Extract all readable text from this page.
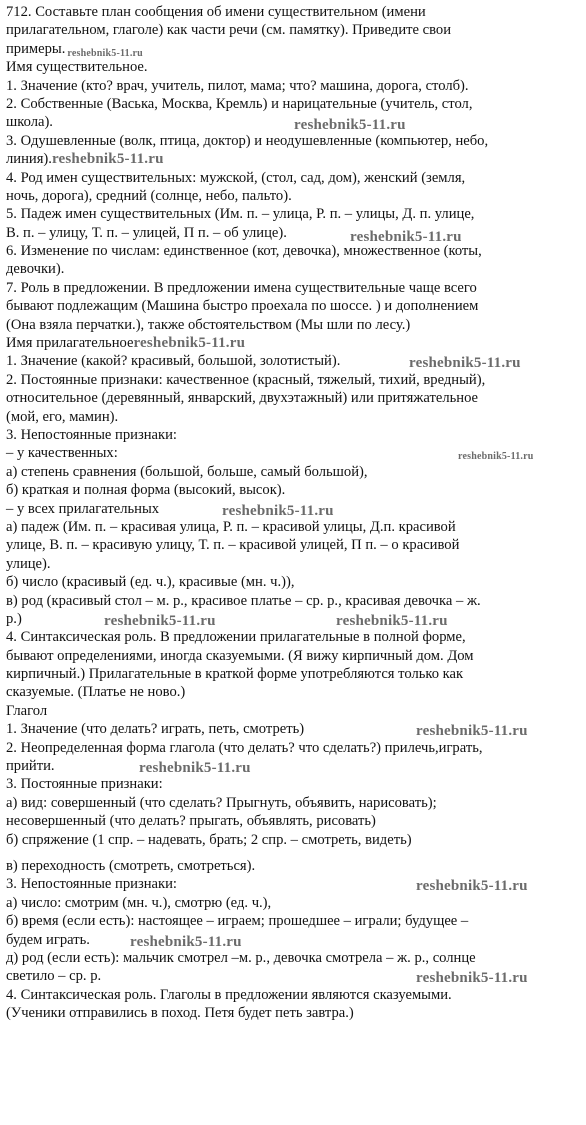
712. Составьте план сообщения об имени существительном (имени
прилагательном, глаголе) как части речи (см. памятку). Приведите свои
примеры. reshebnik5-11.ru
Имя существительное.
1. Значение (кто? врач, учитель, пилот, мама; что? машина, дорога, столб).
2. Собственные (Васька, Москва, Кремль) и нарицательные (учитель, стол,
школа).	reshebnik5-11.ru
3. Одушевленные (волк, птица, доктор) и неодушевленные (компьютер, небо,
линия).reshebnik5-11.ru
4. Род имен существительных: мужской, (стол, сад, дом), женский (земля,
ночь, дорога), средний (солнце, небо, пальто).
5. Падеж имен существительных (Им. п. – улица, Р. п. – улицы, Д. п. улице,
В. п. – улицу, Т. п. – улицей, П п. – об улице).	reshebnik5-11.ru
6. Изменение по числам: единственное (кот, девочка), множественное (коты,
девочки).
7. Роль в предложении. В предложении имена существительные чаще всего
бывают подлежащим (Машина быстро проехала по шоссе. ) и дополнением
(Она взяла перчатки.), также обстоятельством (Мы шли по лесу.)
Имя прилагательноеreshebnik5-11.ru
1. Значение (какой? красивый, большой, золотистый).	reshebnik5-11.ru
2. Постоянные признаки: качественное (красный, тяжелый, тихий, вредный),
относительное (деревянный, январский, двухэтажный) или притяжательное
(мой, его, мамин).
3. Непостоянные признаки:
– у качественных:	reshebnik5-11.ru
а) степень сравнения (большой, больше, самый большой),
б) краткая и полная форма (высокий, высок).
– у всех прилагательных	reshebnik5-11.ru
а) падеж (Им. п. – красивая улица, Р. п. – красивой улицы, Д.п. красивой
улице, В. п. – красивую улицу, Т. п. – красивой улицей, П п. – о красивой
улице).
б) число (красивый (ед. ч.), красивые (мн. ч.)),
в) род (красивый стол – м. р., красивое платье – ср. р., красивая девочка – ж.
р.)	reshebnik5-11.ru	reshebnik5-11.ru
4. Синтаксическая роль. В предложении прилагательные в полной форме,
бывают определениями, иногда сказуемыми. (Я вижу кирпичный дом. Дом
кирпичный.) Прилагательные в краткой форме употребляются только как
сказуемые. (Платье не ново.)
Глагол
1. Значение (что делать? играть, петь, смотреть)	reshebnik5-11.ru
2. Неопределенная форма глагола (что делать? что сделать?) прилечь,играть,
прийти.	reshebnik5-11.ru
3. Постоянные признаки:
а) вид: совершенный (что сделать? Прыгнуть, объявить, нарисовать);
несовершенный (что делать? прыгать, объявлять, рисовать)
б) спряжение (1 спр. – надевать, брать; 2 спр. – смотреть, видеть)
в) переходность (смотреть, смотреться).
3. Непостоянные признаки:	reshebnik5-11.ru
а) число: смотрим (мн. ч.), смотрю (ед. ч.),
б) время (если есть): настоящее – играем; прошедшее – играли; будущее –
будем играть.	reshebnik5-11.ru
д) род (если есть): мальчик смотрел –м. р., девочка смотрела – ж. р., солнце
светило – ср. р.	reshebnik5-11.ru
4. Синтаксическая роль. Глаголы в предложении являются сказуемыми.
(Ученики отправились в поход. Петя будет петь завтра.)
